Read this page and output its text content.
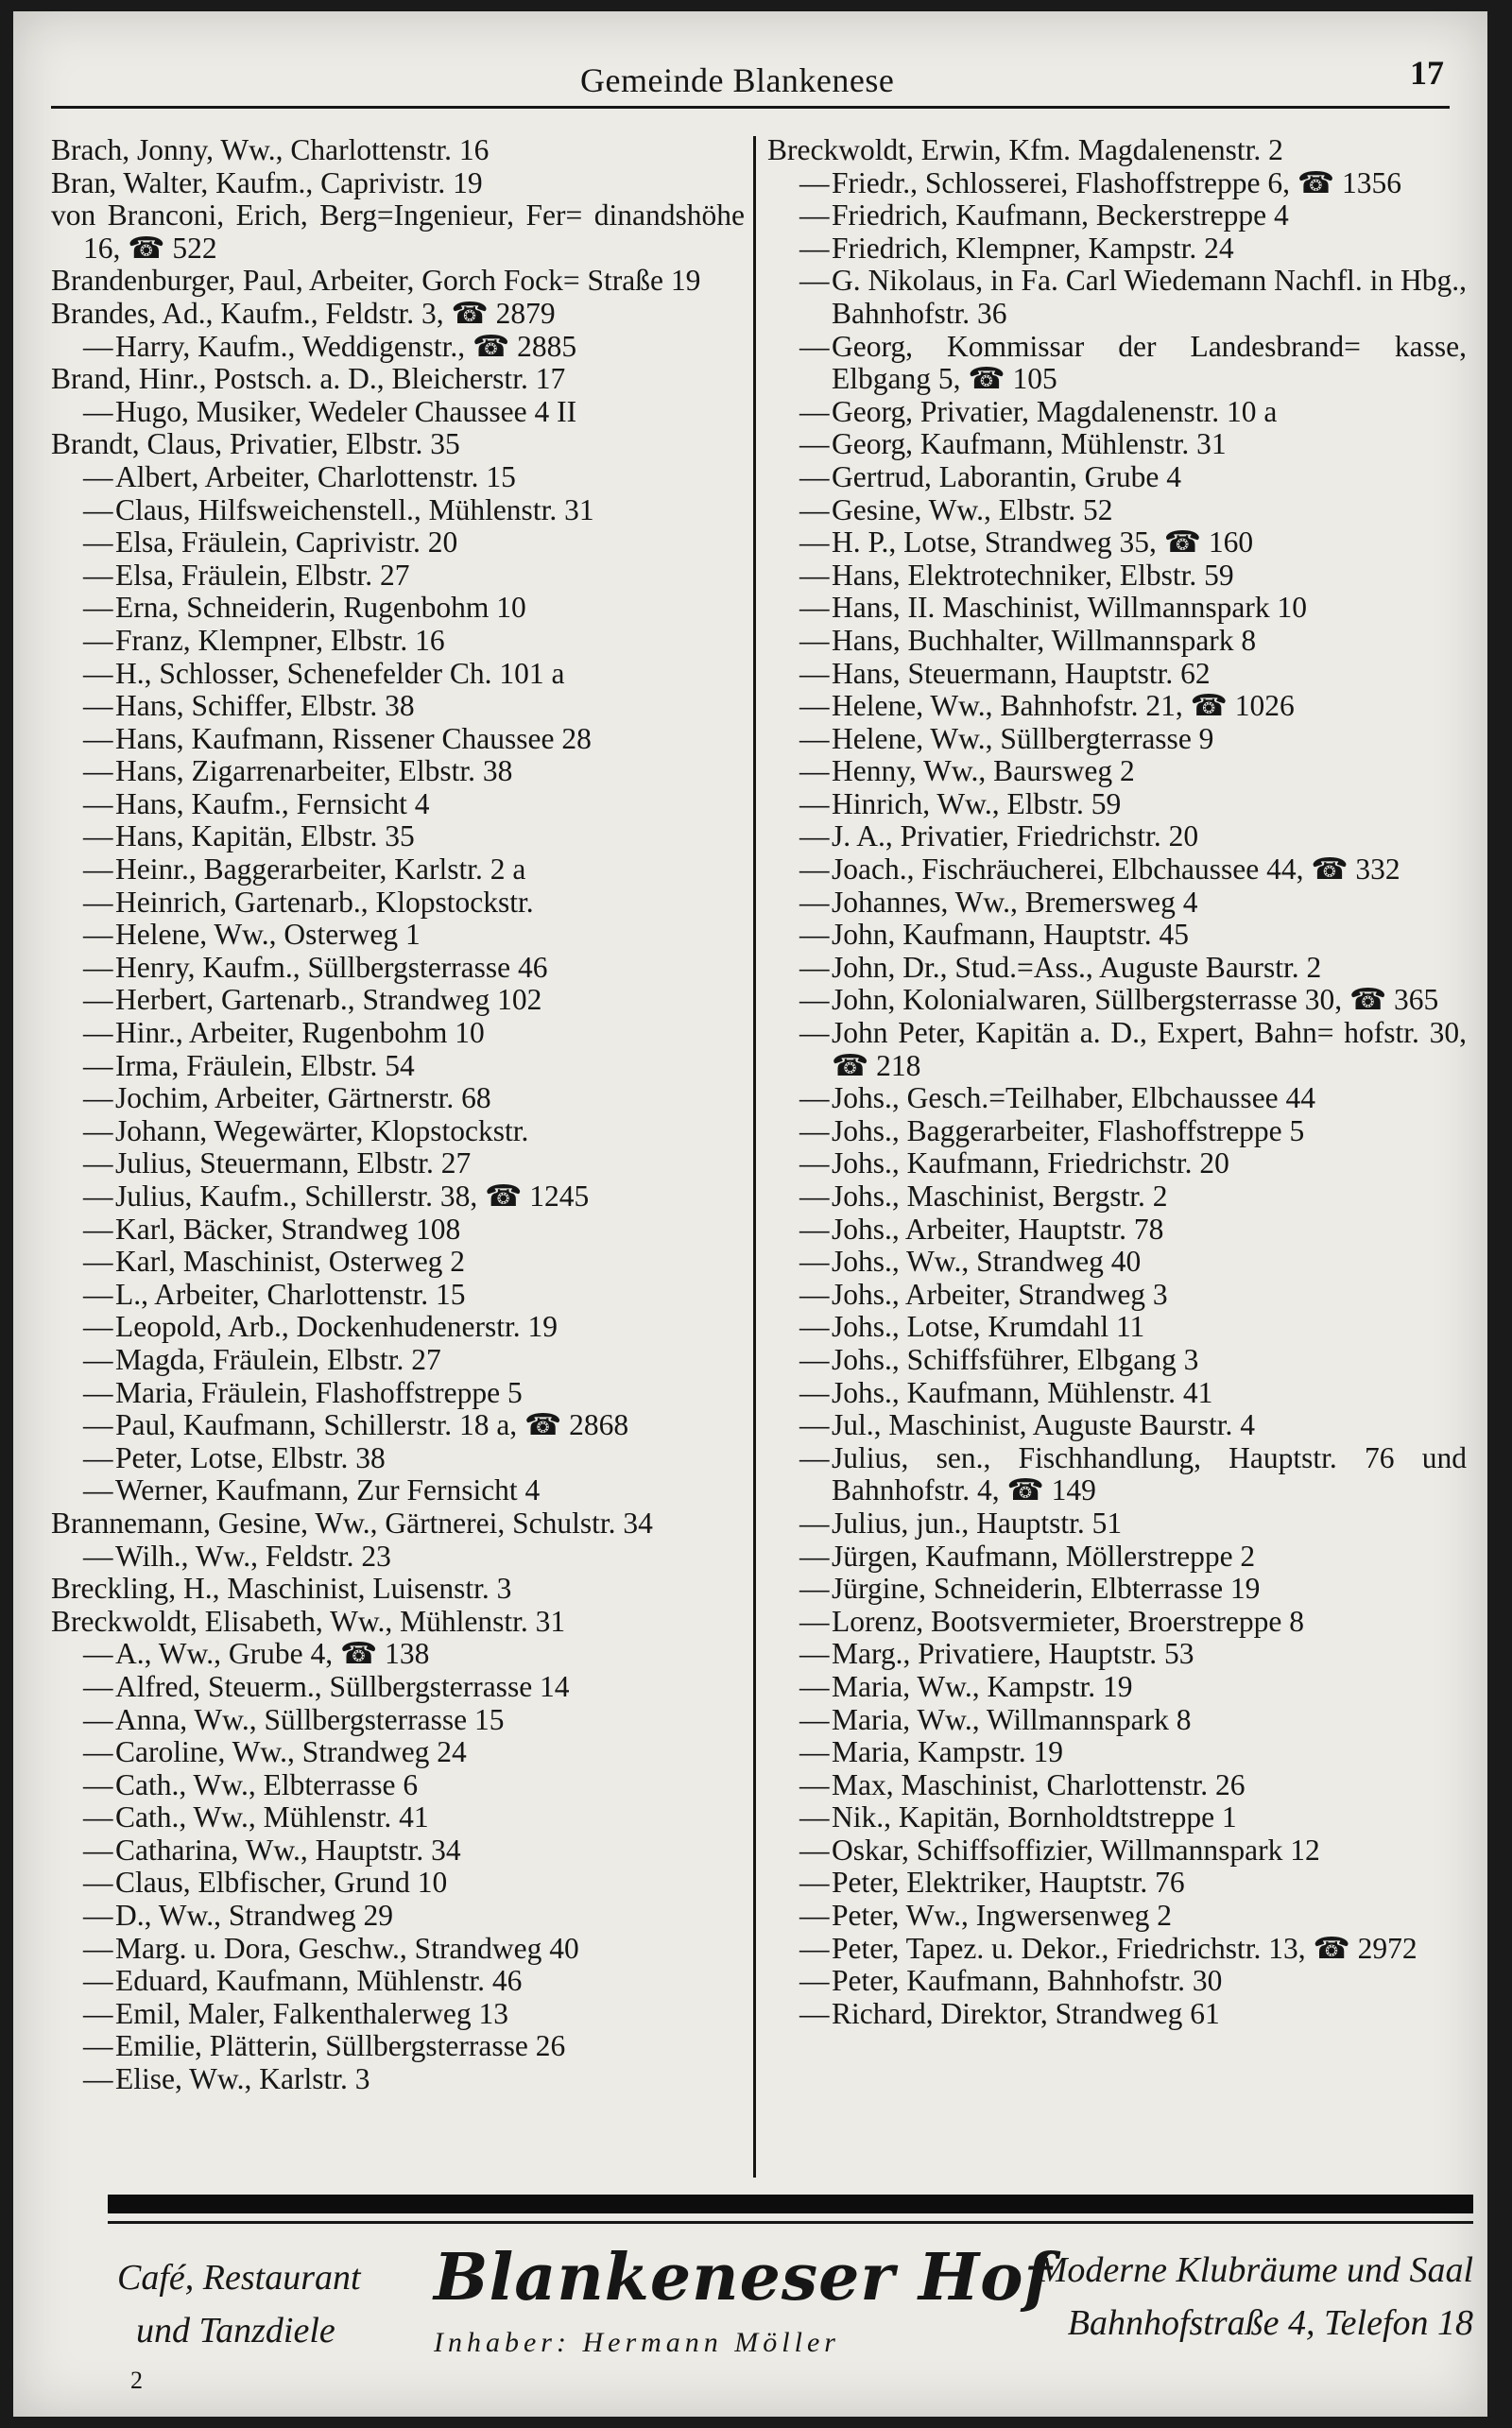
Gemeinde Blankenese	17

Brach, Jonny, Ww., Charlottenstr. 16

Bran, Walter, Kaufm., Caprivistr. 19

von Branconi, Erich, Berg=Ingenieur, Fer= dinandshöhe 16, ☎ 522

Brandenburger, Paul, Arbeiter, Gorch Fock= Straße 19

Brandes, Ad., Kaufm., Feldstr. 3, ☎ 2879

—Harry, Kaufm., Weddigenstr., ☎ 2885

Brand, Hinr., Postsch. a. D., Bleicherstr. 17

—Hugo, Musiker, Wedeler Chaussee 4 II

Brandt, Claus, Privatier, Elbstr. 35

—Albert, Arbeiter, Charlottenstr. 15

—Claus, Hilfsweichenstell., Mühlenstr. 31

—Elsa, Fräulein, Caprivistr. 20

—Elsa, Fräulein, Elbstr. 27

—Erna, Schneiderin, Rugenbohm 10

—Franz, Klempner, Elbstr. 16

—H., Schlosser, Schenefelder Ch. 101 a

—Hans, Schiffer, Elbstr. 38

—Hans, Kaufmann, Rissener Chaussee 28

—Hans, Zigarrenarbeiter, Elbstr. 38

—Hans, Kaufm., Fernsicht 4

—Hans, Kapitän, Elbstr. 35

—Heinr., Baggerarbeiter, Karlstr. 2 a

—Heinrich, Gartenarb., Klopstockstr.

—Helene, Ww., Osterweg 1

—Henry, Kaufm., Süllbergsterrasse 46

—Herbert, Gartenarb., Strandweg 102

—Hinr., Arbeiter, Rugenbohm 10

—Irma, Fräulein, Elbstr. 54

—Jochim, Arbeiter, Gärtnerstr. 68

—Johann, Wegewärter, Klopstockstr.

—Julius, Steuermann, Elbstr. 27

—Julius, Kaufm., Schillerstr. 38, ☎ 1245

—Karl, Bäcker, Strandweg 108

—Karl, Maschinist, Osterweg 2

—L., Arbeiter, Charlottenstr. 15

—Leopold, Arb., Dockenhudenerstr. 19

—Magda, Fräulein, Elbstr. 27

—Maria, Fräulein, Flashoffstreppe 5

—Paul, Kaufmann, Schillerstr. 18 a, ☎ 2868

—Peter, Lotse, Elbstr. 38

—Werner, Kaufmann, Zur Fernsicht 4

Brannemann, Gesine, Ww., Gärtnerei, Schulstr. 34

—Wilh., Ww., Feldstr. 23

Breckling, H., Maschinist, Luisenstr. 3

Breckwoldt, Elisabeth, Ww., Mühlenstr. 31

—A., Ww., Grube 4, ☎ 138

—Alfred, Steuerm., Süllbergsterrasse 14

—Anna, Ww., Süllbergsterrasse 15

—Caroline, Ww., Strandweg 24

—Cath., Ww., Elbterrasse 6

—Cath., Ww., Mühlenstr. 41

—Catharina, Ww., Hauptstr. 34

—Claus, Elbfischer, Grund 10

—D., Ww., Strandweg 29

—Marg. u. Dora, Geschw., Strandweg 40

—Eduard, Kaufmann, Mühlenstr. 46

—Emil, Maler, Falkenthalerweg 13

—Emilie, Plätterin, Süllbergsterrasse 26

—Elise, Ww., Karlstr. 3

Breckwoldt, Erwin, Kfm. Magdalenenstr. 2

—Friedr., Schlosserei, Flashoffstreppe 6, ☎ 1356

—Friedrich, Kaufmann, Beckerstreppe 4

—Friedrich, Klempner, Kampstr. 24

—G. Nikolaus, in Fa. Carl Wiedemann Nachfl. in Hbg., Bahnhofstr. 36

—Georg, Kommissar der Landesbrand= kasse, Elbgang 5, ☎ 105

—Georg, Privatier, Magdalenenstr. 10 a

—Georg, Kaufmann, Mühlenstr. 31

—Gertrud, Laborantin, Grube 4

—Gesine, Ww., Elbstr. 52

—H. P., Lotse, Strandweg 35, ☎ 160

—Hans, Elektrotechniker, Elbstr. 59

—Hans, II. Maschinist, Willmannspark 10

—Hans, Buchhalter, Willmannspark 8

—Hans, Steuermann, Hauptstr. 62

—Helene, Ww., Bahnhofstr. 21, ☎ 1026

—Helene, Ww., Süllbergterrasse 9

—Henny, Ww., Baursweg 2

—Hinrich, Ww., Elbstr. 59

—J. A., Privatier, Friedrichstr. 20

—Joach., Fischräucherei, Elbchaussee 44, ☎ 332

—Johannes, Ww., Bremersweg 4

—John, Kaufmann, Hauptstr. 45

—John, Dr., Stud.=Ass., Auguste Baurstr. 2

—John, Kolonialwaren, Süllbergsterrasse 30, ☎ 365

—John Peter, Kapitän a. D., Expert, Bahn= hofstr. 30, ☎ 218

—Johs., Gesch.=Teilhaber, Elbchaussee 44

—Johs., Baggerarbeiter, Flashoffstreppe 5

—Johs., Kaufmann, Friedrichstr. 20

—Johs., Maschinist, Bergstr. 2

—Johs., Arbeiter, Hauptstr. 78

—Johs., Ww., Strandweg 40

—Johs., Arbeiter, Strandweg 3

—Johs., Lotse, Krumdahl 11

—Johs., Schiffsführer, Elbgang 3

—Johs., Kaufmann, Mühlenstr. 41

—Jul., Maschinist, Auguste Baurstr. 4

—Julius, sen., Fischhandlung, Hauptstr. 76 und Bahnhofstr. 4, ☎ 149

—Julius, jun., Hauptstr. 51

—Jürgen, Kaufmann, Möllerstreppe 2

—Jürgine, Schneiderin, Elbterrasse 19

—Lorenz, Bootsvermieter, Broerstreppe 8

—Marg., Privatiere, Hauptstr. 53

—Maria, Ww., Kampstr. 19

—Maria, Ww., Willmannspark 8

—Maria, Kampstr. 19

—Max, Maschinist, Charlottenstr. 26

—Nik., Kapitän, Bornholdtstreppe 1

—Oskar, Schiffsoffizier, Willmannspark 12

—Peter, Elektriker, Hauptstr. 76

—Peter, Ww., Ingwersenweg 2

—Peter, Tapez. u. Dekor., Friedrichstr. 13, ☎ 2972

—Peter, Kaufmann, Bahnhofstr. 30

—Richard, Direktor, Strandweg 61

Café, Restaurant
und Tanzdiele
Blankeneser Hof
Inhaber: Hermann Möller
Moderne Klubräume und Saal
Bahnhofstraße 4, Telefon 18
2
